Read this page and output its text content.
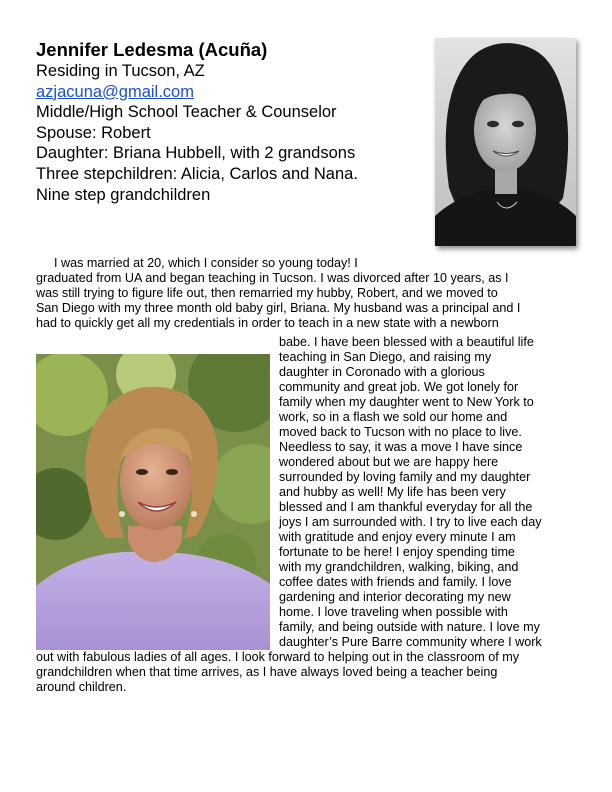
Jennifer Ledesma (Acuña)
Residing in Tucson, AZ
azjacuna@gmail.com
Middle/High School Teacher & Counselor
Spouse: Robert
Daughter: Briana Hubbell, with 2 grandsons
Three stepchildren: Alicia, Carlos and Nana.
Nine step grandchildren
I was married at 20, which I consider so young today! I
graduated from UA and began teaching in Tucson. I was divorced after 10 years, as I
was still trying to figure life out, then remarried my hubby, Robert, and we moved to
San Diego with my three month old baby girl, Briana. My husband was a principal and I
had to quickly get all my credentials in order to teach in a new state with a newborn
babe. I have been blessed with a beautiful life
teaching in San Diego, and raising my
daughter in Coronado with a glorious
community and great job. We got lonely for
family when my daughter went to New York to
work, so in a flash we sold our home and
moved back to Tucson with no place to live.
Needless to say, it was a move I have since
wondered about but we are happy here
surrounded by loving family and my daughter
and hubby as well! My life has been very
blessed and I am thankful everyday for all the
joys I am surrounded with. I try to live each day
with gratitude and enjoy every minute I am
fortunate to be here! I enjoy spending time
with my grandchildren, walking, biking, and
coffee dates with friends and family. I love
gardening and interior decorating my new
home. I love traveling when possible with
family, and being outside with nature. I love my
daughter’s Pure Barre community where I work
out with fabulous ladies of all ages. I look forward to helping out in the classroom of my
grandchildren when that time arrives, as I have always loved being a teacher being
around children.
